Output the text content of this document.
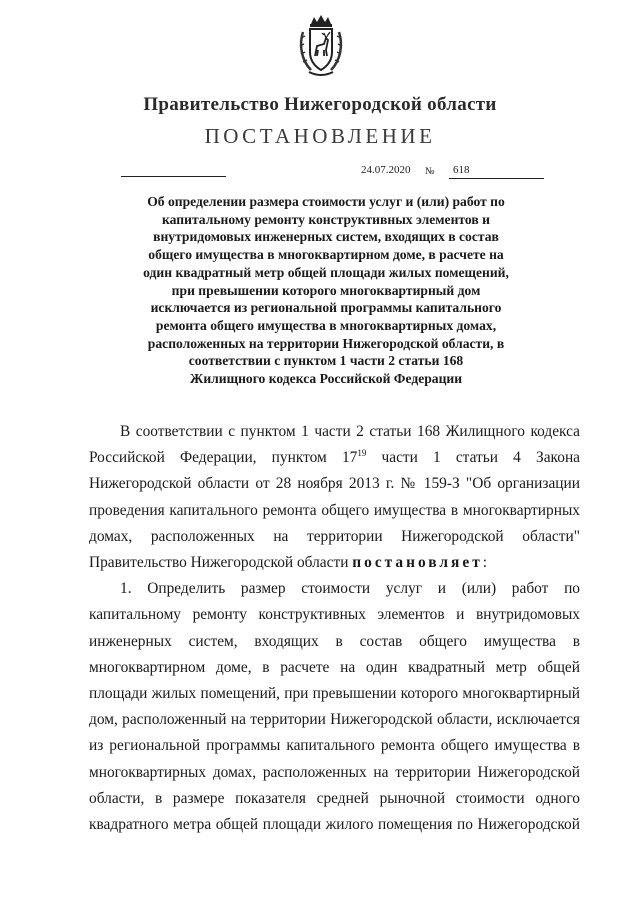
Правительство Нижегородской области
ПОСТАНОВЛЕНИЕ
24.07.2020 № 618
Об определении размера стоимости услуг и (или) работ по
капитальному ремонту конструктивных элементов и
внутридомовых инженерных систем, входящих в состав
общего имущества в многоквартирном доме, в расчете на
один квадратный метр общей площади жилых помещений,
при превышении которого многоквартирный дом
исключается из региональной программы капитального
ремонта общего имущества в многоквартирных домах,
расположенных на территории Нижегородской области, в
соответствии с пунктом 1 части 2 статьи 168
Жилищного кодекса Российской Федерации
В соответствии с пунктом 1 части 2 статьи 168 Жилищного кодекса
Российской Федерации, пунктом $17^{19}$ части 1 статьи 4 Закона
Нижегородской области от 28 ноября 2013 г. № 159-З "Об организации
проведения капитального ремонта общего имущества в многоквартирных
домах, расположенных на территории Нижегородской области"
Правительство Нижегородской области постановляет:
1. Определить размер стоимости услуг и (или) работ по
капитальному ремонту конструктивных элементов и внутридомовых
инженерных систем, входящих в состав общего имущества в
многоквартирном доме, в расчете на один квадратный метр общей
площади жилых помещений, при превышении которого многоквартирный
дом, расположенный на территории Нижегородской области, исключается
из региональной программы капитального ремонта общего имущества в
многоквартирных домах, расположенных на территории Нижегородской
области, в размере показателя средней рыночной стоимости одного
квадратного метра общей площади жилого помещения по Нижегородской
